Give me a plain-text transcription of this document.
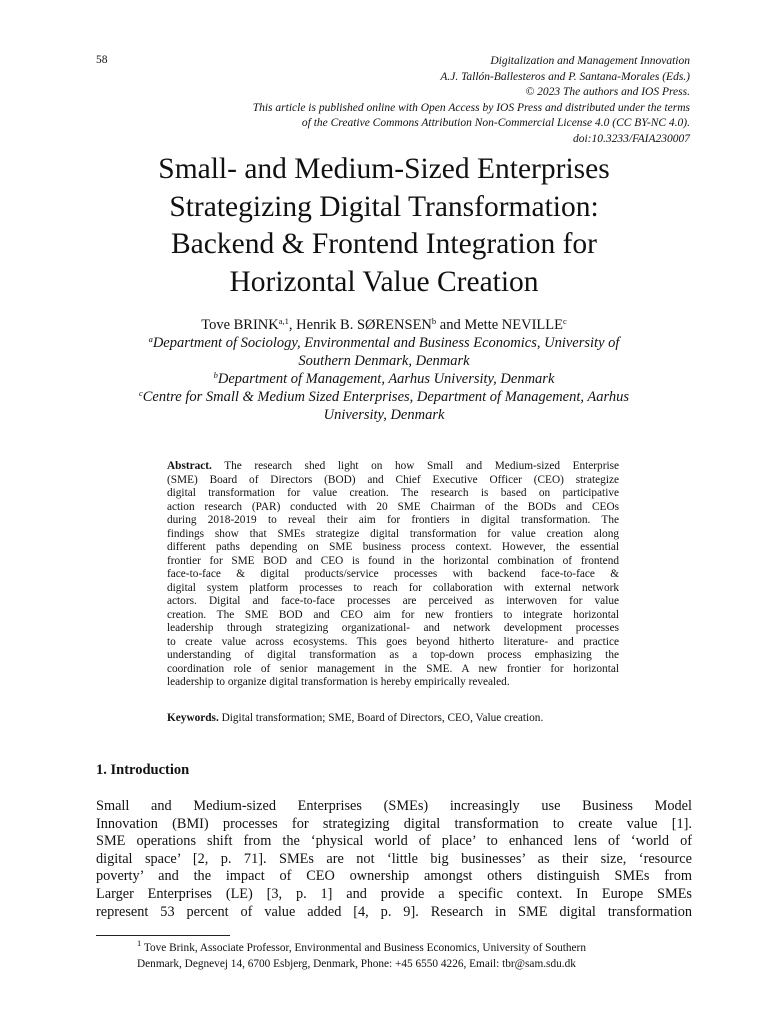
58	Digitalization and Management Innovation
A.J. Tallón-Ballesteros and P. Santana-Morales (Eds.)
© 2023 The authors and IOS Press.
This article is published online with Open Access by IOS Press and distributed under the terms
of the Creative Commons Attribution Non-Commercial License 4.0 (CC BY-NC 4.0).
doi:10.3233/FAIA230007
Small- and Medium-Sized Enterprises
Strategizing Digital Transformation:
Backend & Frontend Integration for
Horizontal Value Creation
Tove BRINK$^{a,1}$, Henrik B. SØRENSEN$^b$ and Mette NEVILLE$^c$
$^a$Department of Sociology, Environmental and Business Economics, University of
Southern Denmark, Denmark
$^b$Department of Management, Aarhus University, Denmark
$^c$Centre for Small & Medium Sized Enterprises, Department of Management, Aarhus
University, Denmark
Abstract. The research shed light on how Small and Medium-sized Enterprise
(SME) Board of Directors (BOD) and Chief Executive Officer (CEO) strategize
digital transformation for value creation. The research is based on participative
action research (PAR) conducted with 20 SME Chairman of the BODs and CEOs
during 2018-2019 to reveal their aim for frontiers in digital transformation. The
findings show that SMEs strategize digital transformation for value creation along
different paths depending on SME business process context. However, the essential
frontier for SME BOD and CEO is found in the horizontal combination of frontend
face-to-face & digital products/service processes with backend face-to-face &
digital system platform processes to reach for collaboration with external network
actors. Digital and face-to-face processes are perceived as interwoven for value
creation. The SME BOD and CEO aim for new frontiers to integrate horizontal
leadership through strategizing organizational- and network development processes
to create value across ecosystems. This goes beyond hitherto literature- and practice
understanding of digital transformation as a top-down process emphasizing the
coordination role of senior management in the SME. A new frontier for horizontal
leadership to organize digital transformation is hereby empirically revealed.
Keywords. Digital transformation; SME, Board of Directors, CEO, Value creation.
1. Introduction
Small and Medium-sized Enterprises (SMEs) increasingly use Business Model
Innovation (BMI) processes for strategizing digital transformation to create value [1].
SME operations shift from the ‘physical world of place’ to enhanced lens of ‘world of
digital space’ [2, p. 71]. SMEs are not ‘little big businesses’ as their size, ‘resource
poverty’ and the impact of CEO ownership amongst others distinguish SMEs from
Larger Enterprises (LE) [3, p. 1] and provide a specific context. In Europe SMEs
represent 53 percent of value added [4, p. 9]. Research in SME digital transformation
$^1$ Tove Brink, Associate Professor, Environmental and Business Economics, University of Southern
Denmark, Degnevej 14, 6700 Esbjerg, Denmark, Phone: +45 6550 4226, Email: tbr@sam.sdu.dk
